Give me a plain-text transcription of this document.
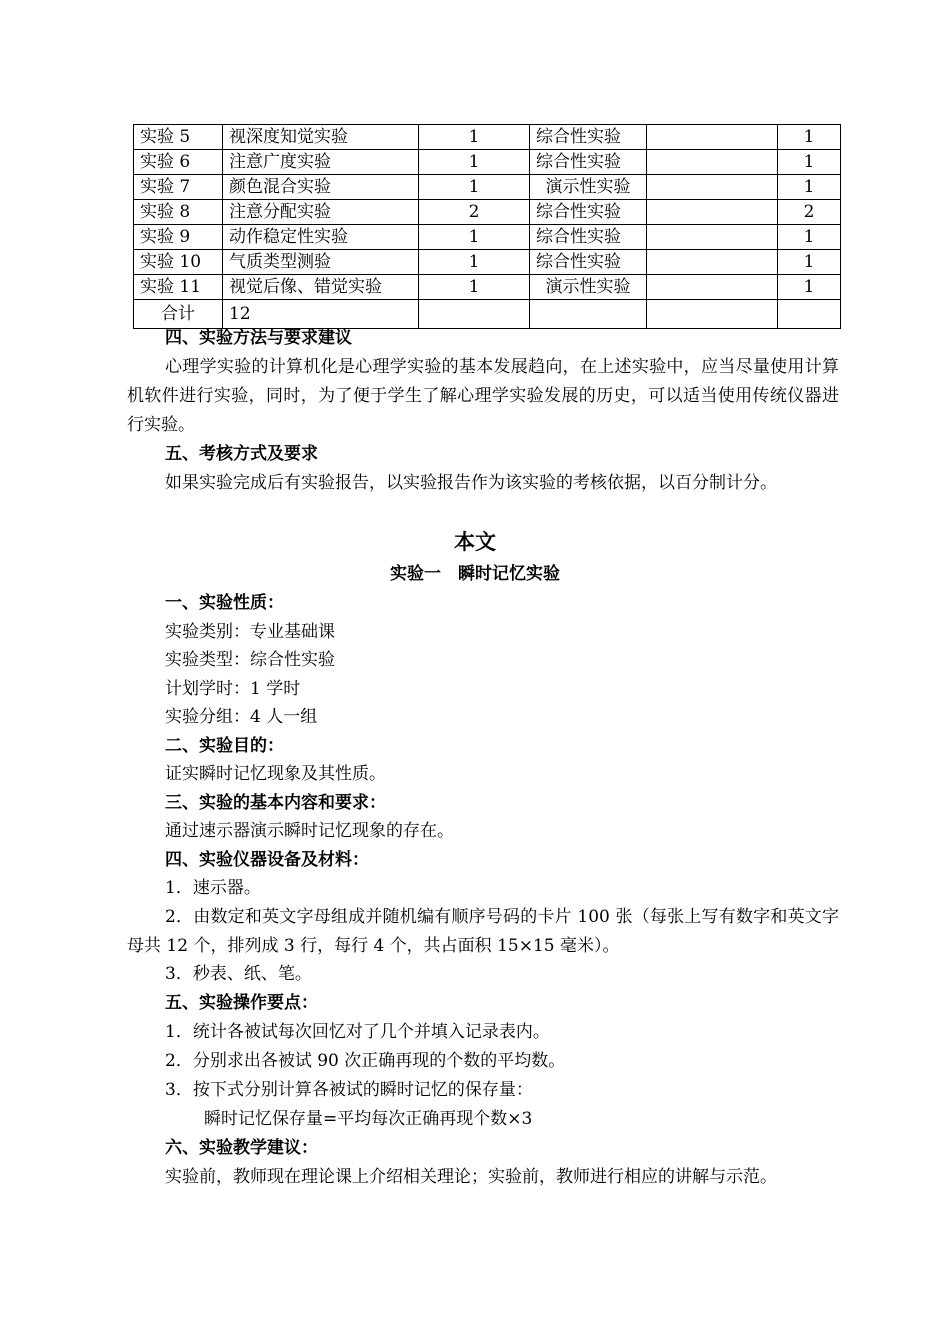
实验 5	视深度知觉实验	1	综合性实验		1
实验 6	注意广度实验	1	综合性实验		1
实验 7	颜色混合实验	1	演示性实验		1
实验 8	注意分配实验	2	综合性实验		2
实验 9	动作稳定性实验	1	综合性实验		1
实验 10	气质类型测验	1	综合性实验		1
实验 11	视觉后像、错觉实验	1	演示性实验		1
合计	12				
四、实验方法与要求建议
心理学实验的计算机化是心理学实验的基本发展趋向，在上述实验中，应当尽量使用计算机软件进行实验，同时，为了便于学生了解心理学实验发展的历史，可以适当使用传统仪器进行实验。
五、考核方式及要求
如果实验完成后有实验报告，以实验报告作为该实验的考核依据，以百分制计分。
本文
实验一　瞬时记忆实验
一、实验性质：
实验类别：专业基础课
实验类型：综合性实验
计划学时：1 学时
实验分组：4 人一组
二、实验目的：
证实瞬时记忆现象及其性质。
三、实验的基本内容和要求：
通过速示器演示瞬时记忆现象的存在。
四、实验仪器设备及材料：
1．速示器。
2．由数定和英文字母组成并随机编有顺序号码的卡片 100 张（每张上写有数字和英文字母共 12 个，排列成 3 行，每行 4 个，共占面积 15×15 毫米）。
3．秒表、纸、笔。
五、实验操作要点：
1．统计各被试每次回忆对了几个并填入记录表内。
2．分别求出各被试 90 次正确再现的个数的平均数。
3．按下式分别计算各被试的瞬时记忆的保存量：
瞬时记忆保存量=平均每次正确再现个数×3
六、实验教学建议：
实验前，教师现在理论课上介绍相关理论；实验前，教师进行相应的讲解与示范。
